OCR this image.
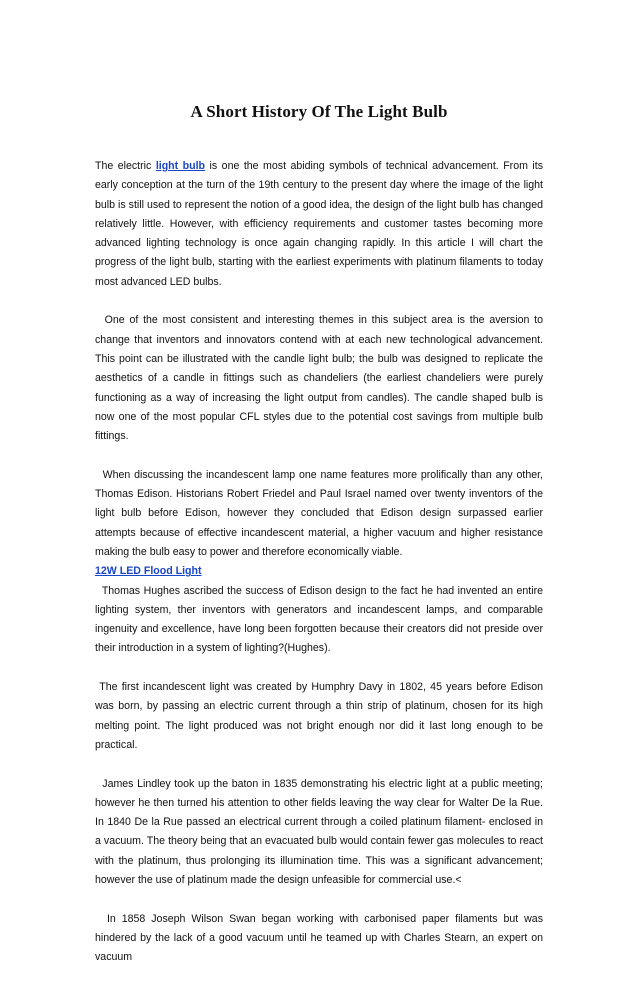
A Short History Of The Light Bulb

The electric light bulb is one the most abiding symbols of technical advancement. From its early conception at the turn of the 19th century to the present day where the image of the light bulb is still used to represent the notion of a good idea, the design of the light bulb has changed relatively little. However, with efficiency requirements and customer tastes becoming more advanced lighting technology is once again changing rapidly. In this article I will chart the progress of the light bulb, starting with the earliest experiments with platinum filaments to today most advanced LED bulbs.

One of the most consistent and interesting themes in this subject area is the aversion to change that inventors and innovators contend with at each new technological advancement. This point can be illustrated with the candle light bulb; the bulb was designed to replicate the aesthetics of a candle in fittings such as chandeliers (the earliest chandeliers were purely functioning as a way of increasing the light output from candles). The candle shaped bulb is now one of the most popular CFL styles due to the potential cost savings from multiple bulb fittings.

When discussing the incandescent lamp one name features more prolifically than any other, Thomas Edison. Historians Robert Friedel and Paul Israel named over twenty inventors of the light bulb before Edison, however they concluded that Edison design surpassed earlier attempts because of effective incandescent material, a higher vacuum and higher resistance making the bulb easy to power and therefore economically viable.

12W LED Flood Light

Thomas Hughes ascribed the success of Edison design to the fact he had invented an entire lighting system, ther inventors with generators and incandescent lamps, and comparable ingenuity and excellence, have long been forgotten because their creators did not preside over their introduction in a system of lighting?(Hughes).

The first incandescent light was created by Humphry Davy in 1802, 45 years before Edison was born, by passing an electric current through a thin strip of platinum, chosen for its high melting point. The light produced was not bright enough nor did it last long enough to be practical.

James Lindley took up the baton in 1835 demonstrating his electric light at a public meeting; however he then turned his attention to other fields leaving the way clear for Walter De la Rue. In 1840 De la Rue passed an electrical current through a coiled platinum filament- enclosed in a vacuum. The theory being that an evacuated bulb would contain fewer gas molecules to react with the platinum, thus prolonging its illumination time. This was a significant advancement; however the use of platinum made the design unfeasible for commercial use.<

In 1858 Joseph Wilson Swan began working with carbonised paper filaments but was hindered by the lack of a good vacuum until he teamed up with Charles Stearn, an expert on vacuum
